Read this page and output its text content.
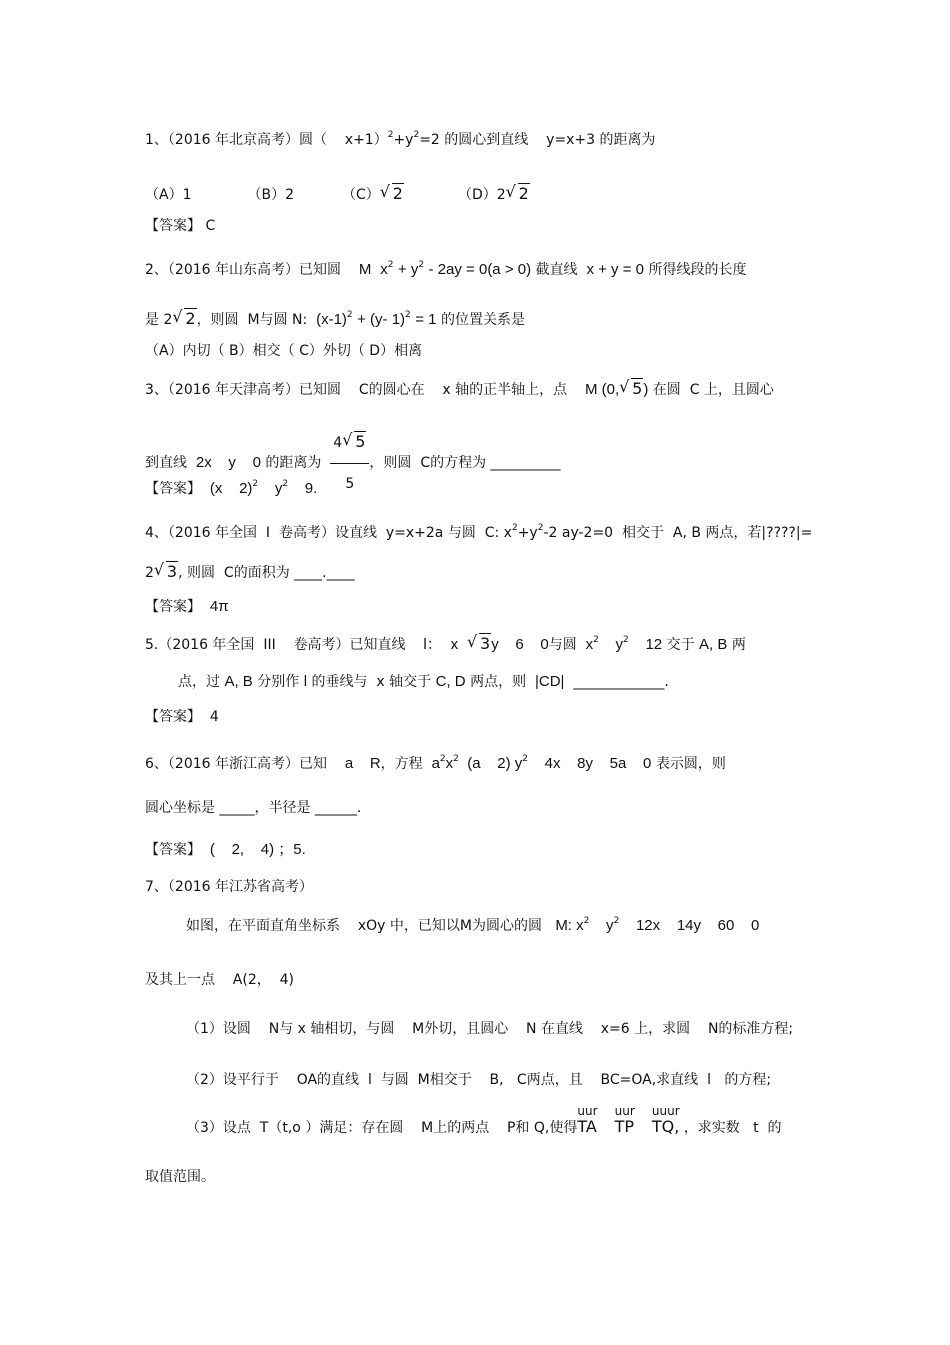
1、（2016 年北京高考）圆（    $x+1)^2+y^2=2$ 的圆心到直线    y=x+3 的距离为
（A）1	（B）2	（C） √ 2	（D）2 √ 2
【答案】 C
2、（2016 年山东高考）已知圆 M $x^2 + y^2 - 2ay = 0(a > 0)$ 截直线 x + y = 0 所得线段的长度
是 2 √ 2，则圆 M与圆 N: $(x-1)^2 + (y-$ 1)$^2$ = 1 的位置关系是
（A）内切（ B）相交（ C）外切（ D）相离
3、（2016 年天津高考）已知圆 C的圆心在 x 轴的正半轴上，点 M (0, √ 5) 在圆 C 上，且圆心
到直线 2x    y    0 的距离为 $\frac{4 √ 5}{5}$ ，则圆 C的方程为 __________
【答案】 (x    2)$^2$    $y^2$    9.
4、（2016 年全国 I 卷高考）设直线 y=x+2a 与圆 C: $x^2+y^2-2$ ay-2=0 相交于 A, B 两点，若|????|=
2 √ 3, 则圆 C的面积为 ____.____
【答案】 4π
5.（2016 年全国 III 卷高考）已知直线 l： x √ 3y    6    0与圆 $x^2$    $y^2$    12 交于 A, B 两
点，过 A, B 分别作 l 的垂线与 x 轴交于 C, D 两点，则 |CD| _____________.
【答案】 4
6、（2016 年浙江高考）已知 a    R，方程 $a^2x^2$  (a    2) $y^2$    4x    8y    5a    0 表示圆，则
圆心坐标是 _____，半径是 ______.
【答案】 (    2,    4) ；5.
7、（2016 年江苏省高考）
如图，在平面直角坐标系 xOy 中，已知以M为圆心的圆 M: $x^2$    $y^2$    12x    14y    60    0
及其上一点    A(2，  4)
（1）设圆    N与 x 轴相切，与圆    M外切，且圆心    N 在直线    x=6 上，求圆    N的标准方程;
（2）设平行于    OA的直线  l  与圆  M相交于    B,   C两点，且    BC=OA,求直线  l   的方程;
（3）设点  T（t,o ）满足：存在圆    M上的两点    P和 Q,使得
uur
TA
uur
TP
uuur
TQ, ，求实数   t  的
取值范围。
